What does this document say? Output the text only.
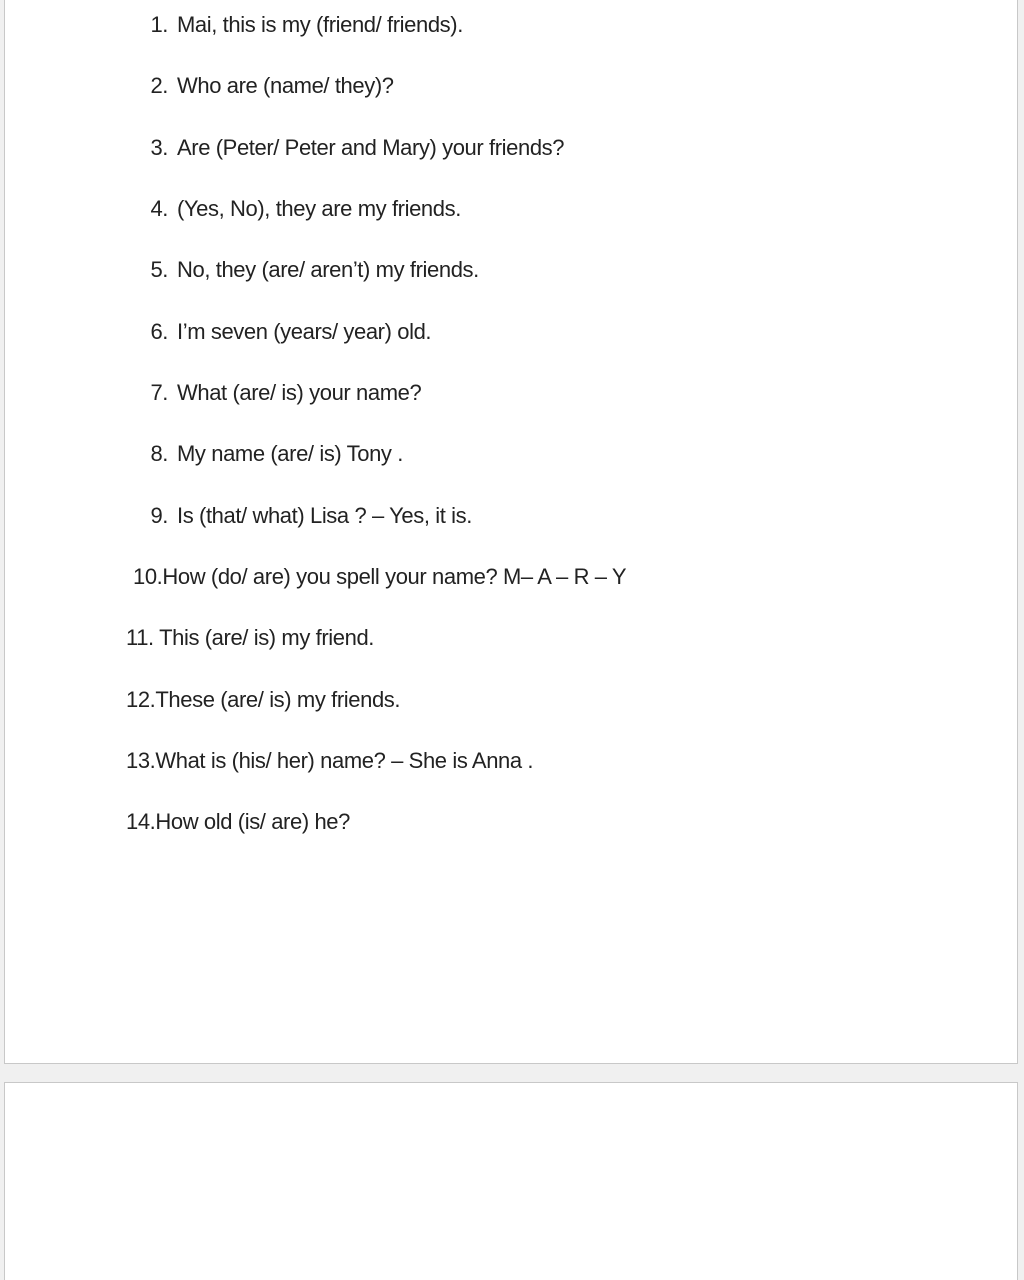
1. Mai, this is my (friend/ friends).
2. Who are (name/ they)?
3. Are (Peter/ Peter and Mary) your friends?
4. (Yes, No), they are my friends.
5. No, they (are/ aren’t) my friends.
6. I’m seven (years/ year) old.
7. What (are/ is) your name?
8. My name (are/ is) Tony .
9. Is (that/ what) Lisa ? – Yes, it is.
10.How (do/ are) you spell your name? M– A – R – Y
11. This (are/ is) my friend.
12.These (are/ is) my friends.
13.What is (his/ her) name? – She is Anna .
14.How old (is/ are) he?
